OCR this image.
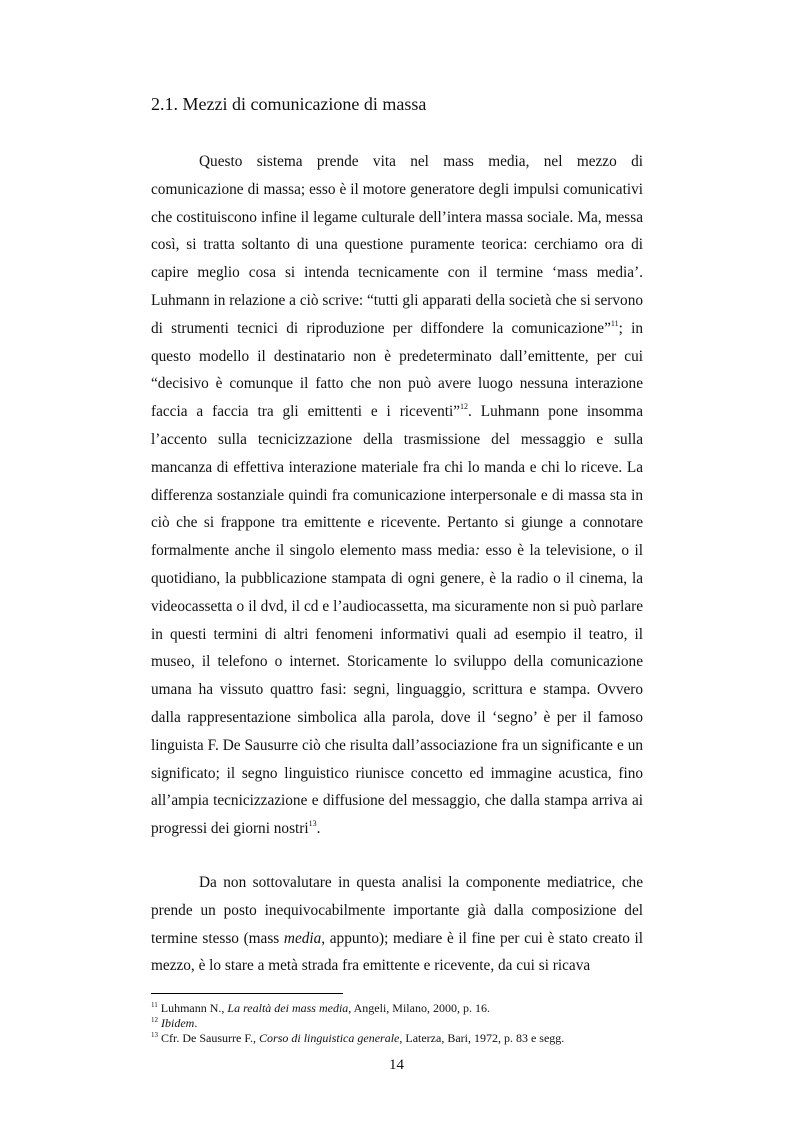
2.1. Mezzi di comunicazione di massa

Questo sistema prende vita nel mass media, nel mezzo di comunicazione di massa; esso è il motore generatore degli impulsi comunicativi che costituiscono infine il legame culturale dell’intera massa sociale. Ma, messa così, si tratta soltanto di una questione puramente teorica: cerchiamo ora di capire meglio cosa si intenda tecnicamente con il termine ‘mass media’. Luhmann in relazione a ciò scrive: “tutti gli apparati della società che si servono di strumenti tecnici di riproduzione per diffondere la comunicazione”$^{11}$; in questo modello il destinatario non è predeterminato dall’emittente, per cui “decisivo è comunque il fatto che non può avere luogo nessuna interazione faccia a faccia tra gli emittenti e i riceventi”$^{12}$. Luhmann pone insomma l’accento sulla tecnicizzazione della trasmissione del messaggio e sulla mancanza di effettiva interazione materiale fra chi lo manda e chi lo riceve. La differenza sostanziale quindi fra comunicazione interpersonale e di massa sta in ciò che si frappone tra emittente e ricevente. Pertanto si giunge a connotare formalmente anche il singolo elemento mass media: esso è la televisione, o il quotidiano, la pubblicazione stampata di ogni genere, è la radio o il cinema, la videocassetta o il dvd, il cd e l’audiocassetta, ma sicuramente non si può parlare in questi termini di altri fenomeni informativi quali ad esempio il teatro, il museo, il telefono o internet. Storicamente lo sviluppo della comunicazione umana ha vissuto quattro fasi: segni, linguaggio, scrittura e stampa. Ovvero dalla rappresentazione simbolica alla parola, dove il ‘segno’ è per il famoso linguista F. De Sausurre ciò che risulta dall’associazione fra un significante e un significato; il segno linguistico riunisce concetto ed immagine acustica, fino all’ampia tecnicizzazione e diffusione del messaggio, che dalla stampa arriva ai progressi dei giorni nostri$^{13}$.

Da non sottovalutare in questa analisi la componente mediatrice, che prende un posto inequivocabilmente importante già dalla composizione del termine stesso (mass media, appunto); mediare è il fine per cui è stato creato il mezzo, è lo stare a metà strada fra emittente e ricevente, da cui si ricava

$^{11}$ Luhmann N., La realtà dei mass media, Angeli, Milano, 2000, p. 16.

$^{12}$ Ibidem.

$^{13}$ Cfr. De Sausurre F., Corso di linguistica generale, Laterza, Bari, 1972, p. 83 e segg.

14
